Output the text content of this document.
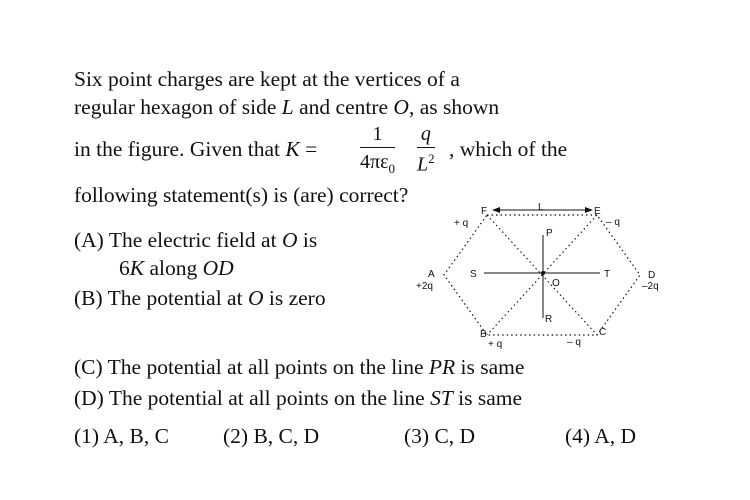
Six point charges are kept at the vertices of a
regular hexagon of side L and centre O, as shown
in the figure. Given that K =
1
$4\pi\varepsilon_0$
q
$L^2$ , which of the
following statement(s) is (are) correct?
(A) The electric field at O is
6K along OD
(B) The potential at O is zero
F	L	E
+ q	– q
P
A
+2q
S
O
T	D
–2q
R
B
+ q
C
– q
(C) The potential at all points on the line PR is same
(D) The potential at all points on the line ST is same
(1) A, B, C	(2) B, C, D	(3) C, D	(4) A, D
